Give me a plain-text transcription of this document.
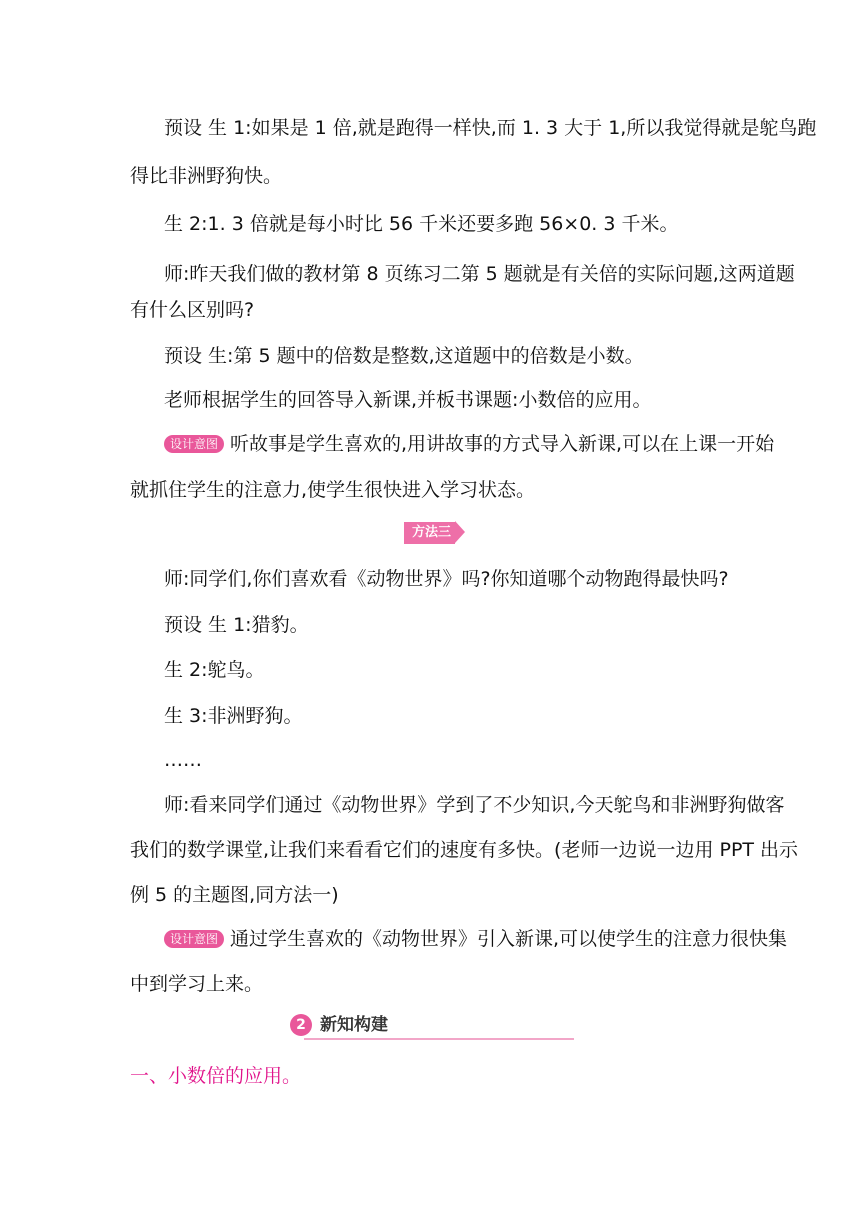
预设 生 1:如果是 1 倍,就是跑得一样快,而 1. 3 大于 1,所以我觉得就是鸵鸟跑
得比非洲野狗快。
生 2:1. 3 倍就是每小时比 56 千米还要多跑 56×0. 3 千米。
师:昨天我们做的教材第 8 页练习二第 5 题就是有关倍的实际问题,这两道题
有什么区别吗?
预设 生:第 5 题中的倍数是整数,这道题中的倍数是小数。
老师根据学生的回答导入新课,并板书课题:小数倍的应用。
设计意图 听故事是学生喜欢的,用讲故事的方式导入新课,可以在上课一开始
就抓住学生的注意力,使学生很快进入学习状态。
方法三
师:同学们,你们喜欢看《动物世界》吗?你知道哪个动物跑得最快吗?
预设 生 1:猎豹。
生 2:鸵鸟。
生 3:非洲野狗。
……
师:看来同学们通过《动物世界》学到了不少知识,今天鸵鸟和非洲野狗做客
我们的数学课堂,让我们来看看它们的速度有多快。(老师一边说一边用 PPT 出示
例 5 的主题图,同方法一)
设计意图 通过学生喜欢的《动物世界》引入新课,可以使学生的注意力很快集
中到学习上来。
2 新知构建
一、小数倍的应用。
